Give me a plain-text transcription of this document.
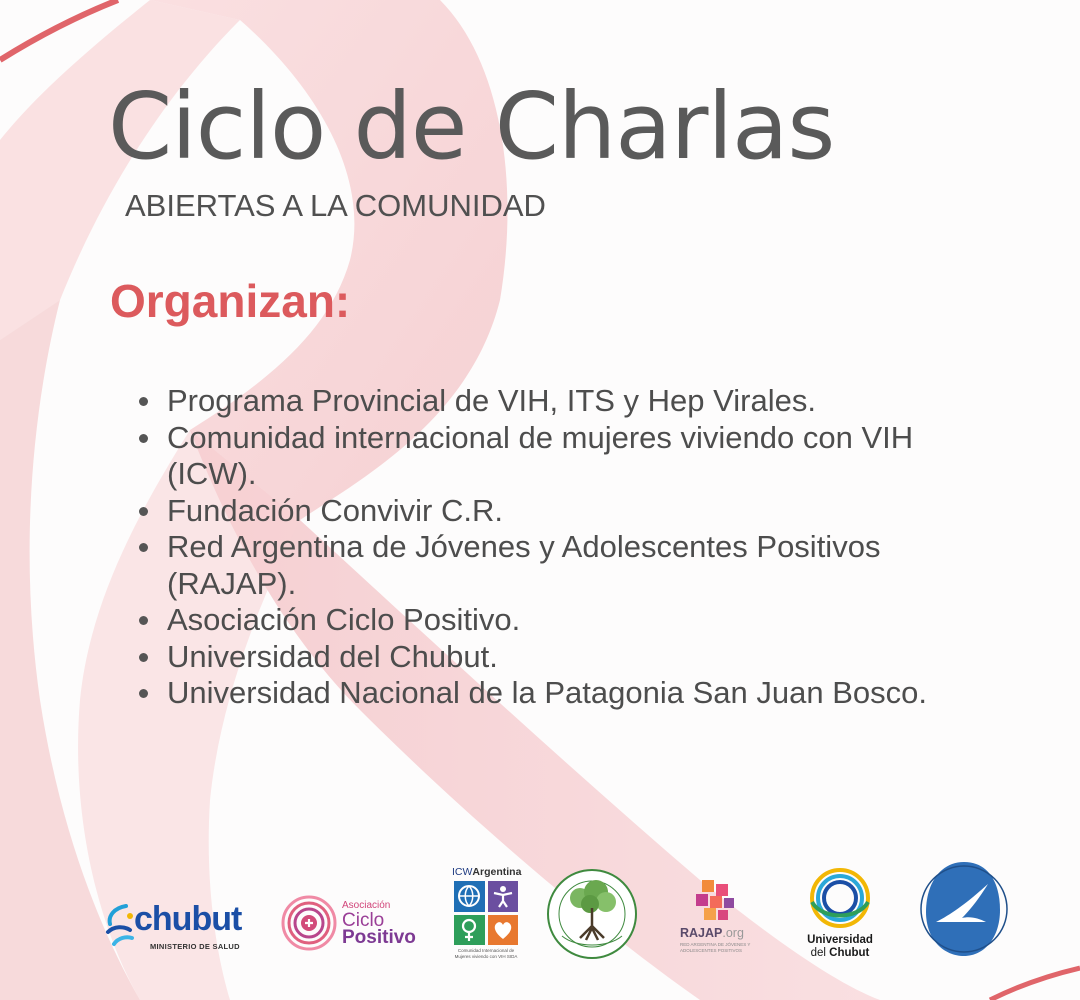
Ciclo de Charlas
ABIERTAS A LA COMUNIDAD
Organizan:
Programa Provincial de VIH, ITS y Hep Virales.
Comunidad internacional de mujeres viviendo con VIH (ICW).
Fundación Convivir C.R.
Red Argentina de Jóvenes y Adolescentes Positivos (RAJAP).
Asociación Ciclo Positivo.
Universidad del Chubut.
Universidad Nacional de la Patagonia San Juan Bosco.
chubut
MINISTERIO DE SALUD
Asociación
Ciclo
Positivo
ICWArgentina
Comunidad Internacional de Mujeres viviendo con VIH SIDA
RAJAP.org
RED ARGENTINA DE JÓVENES Y ADOLESCENTES POSITIVOS
Universidad
del Chubut
